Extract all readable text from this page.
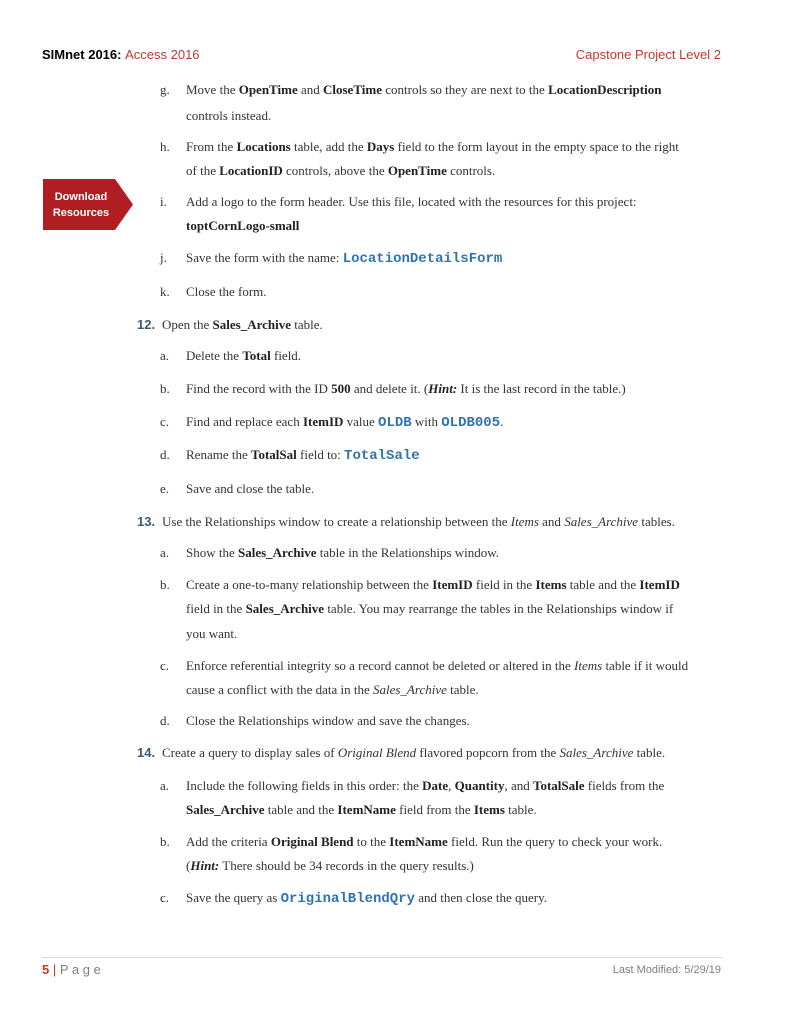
SIMnet 2016: Access 2016	Capstone Project Level 2
Download
Resources
g. Move the OpenTime and CloseTime controls so they are next to the LocationDescription
controls instead.
h. From the Locations table, add the Days field to the form layout in the empty space to the right
of the LocationID controls, above the OpenTime controls.
i. Add a logo to the form header. Use this file, located with the resources for this project:
toptCornLogo-small
j. Save the form with the name: LocationDetailsForm
k. Close the form.
12. Open the Sales_Archive table.
a. Delete the Total field.
b. Find the record with the ID 500 and delete it. (Hint: It is the last record in the table.)
c. Find and replace each ItemID value OLDB with OLDB005.
d. Rename the TotalSal field to: TotalSale
e. Save and close the table.
13. Use the Relationships window to create a relationship between the Items and Sales_Archive tables.
a. Show the Sales_Archive table in the Relationships window.
b. Create a one-to-many relationship between the ItemID field in the Items table and the ItemID
field in the Sales_Archive table. You may rearrange the tables in the Relationships window if
you want.
c. Enforce referential integrity so a record cannot be deleted or altered in the Items table if it would
cause a conflict with the data in the Sales_Archive table.
d. Close the Relationships window and save the changes.
14. Create a query to display sales of Original Blend flavored popcorn from the Sales_Archive table.
a. Include the following fields in this order: the Date, Quantity, and TotalSale fields from the
Sales_Archive table and the ItemName field from the Items table.
b. Add the criteria Original Blend to the ItemName field. Run the query to check your work.
(Hint: There should be 34 records in the query results.)
c. Save the query as OriginalBlendQry and then close the query.
5 | P a g e	Last Modified: 5/29/19
